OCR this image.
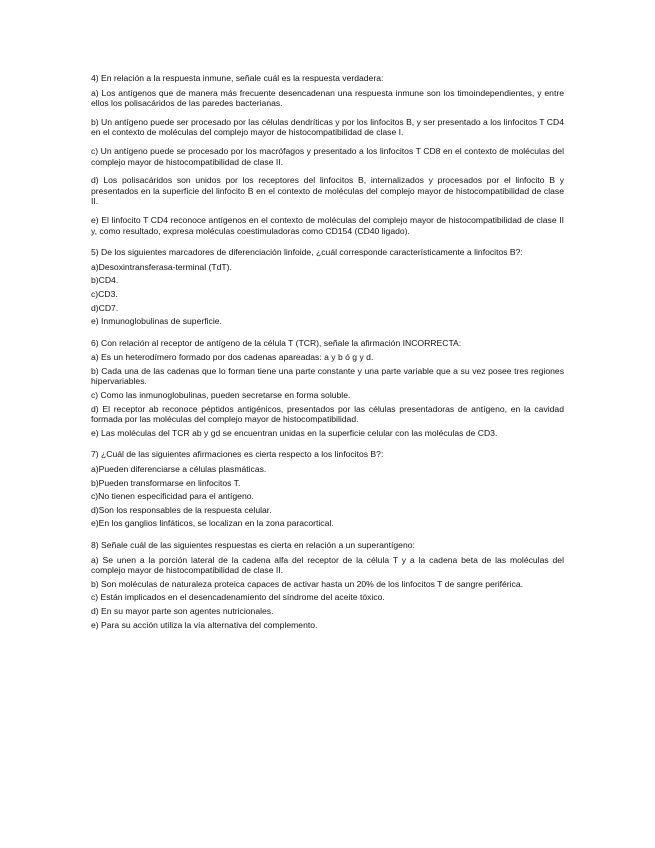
4) En relación a la respuesta inmune, señale cuál es la respuesta verdadera:

a) Los antígenos que de manera más frecuente desencadenan una respuesta inmune son los timoindependientes, y entre ellos los polisacáridos de las paredes bacterianas.

b) Un antígeno puede ser procesado por las células dendríticas y por los linfocitos B, y ser presentado a los linfocitos T CD4 en el contexto de moléculas del complejo mayor de histocompatibilidad de clase I.

c) Un antígeno puede se procesado por los macrófagos y presentado a los linfocitos T CD8 en el contexto de moléculas del complejo mayor de histocompatibilidad de clase II.

d) Los polisacáridos son unidos por los receptores del linfocitos B, internalizados y procesados por el linfocito B y presentados en la superficie del linfocito B en el contexto de moléculas del complejo mayor de histocompatibilidad de clase II.

e) El linfocito T CD4 reconoce antígenos en el contexto de moléculas del complejo mayor de histocompatibilidad de clase II y, como resultado, expresa moléculas coestimuladoras como CD154 (CD40 ligado).

5) De los siguientes marcadores de diferenciación linfoide, ¿cuál corresponde característicamente a linfocitos B?:

a)Desoxintransferasa-terminal (TdT).

b)CD4.

c)CD3.

d)CD7.

e) Inmunoglobulinas de superficie.

6) Con relación al receptor de antígeno de la célula T (TCR), señale la afirmación INCORRECTA:

a) Es un heterodímero formado por dos cadenas apareadas: a y b ó g y d.

b) Cada una de las cadenas que lo forman tiene una parte constante y una parte variable que a su vez posee tres regiones hipervariables.

c) Como las inmunoglobulinas, pueden secretarse en forma soluble.

d) El receptor ab reconoce péptidos antigénicos, presentados por las células presentadoras de antígeno, en la cavidad formada por las moléculas del complejo mayor de histocompatibilidad.

e) Las moléculas del TCR ab y gd se encuentran unidas en la superficie celular con las moléculas de CD3.

7) ¿Cuál de las siguientes afirmaciones es cierta respecto a los linfocitos B?:

a)Pueden diferenciarse a células plasmáticas.

b)Pueden transformarse en linfocitos T.

c)No tienen especificidad para el antígeno.

d)Son los responsables de la respuesta celular.

e)En los ganglios linfáticos, se localizan en la zona paracortical.

8) Señale cuál de las siguientes respuestas es cierta en relación a un superantígeno:

a) Se unen a la porción lateral de la cadena alfa del receptor de la célula T y a la cadena beta de las moléculas del complejo mayor de histocompatibilidad de clase II.

b) Son moléculas de naturaleza proteica capaces de activar hasta un 20% de los linfocitos T de sangre periférica.

c) Están implicados en el desencadenamiento del síndrome del aceite tóxico.

d) En su mayor parte son agentes nutricionales.

e) Para su acción utiliza la vía alternativa del complemento.
